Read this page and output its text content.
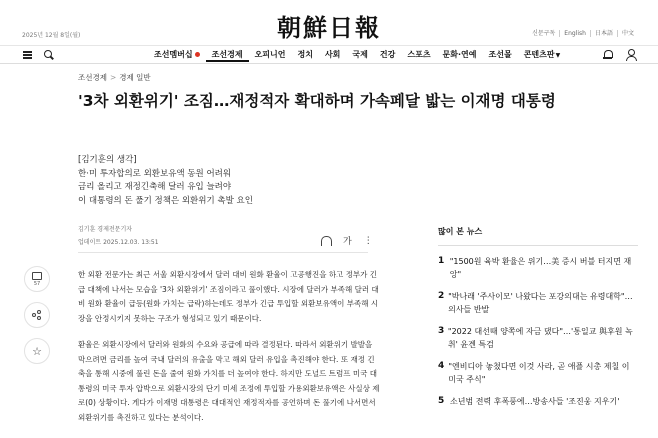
2025년 12월 8일(월)	朝鮮日報	신문구독	English	日本語	中文
조선멤버십	조선경제	오피니언	정치	사회	국제	건강	스포츠	문화·연예	조선몰	콘텐츠판▼
조선경제 > 경제 일반
'3차 외환위기' 조짐…재정적자 확대하며 가속페달 밟는 이재명 대통령
[김기훈의 생각]
한·미 투자합의로 외환보유액 동원 어려워
금리 올리고 재정긴축해 달러 유입 늘려야
이 대통령의 돈 풀기 정책은 외환위기 촉발 요인
김기훈 경제전문기자
업데이트 2025.12.03. 13:51	가 ⋮
57
☆

한 외환 전문가는 최근 서울 외환시장에서 달러 대비 원화 환율이 고공행진을 하고 정부가 긴급 대책에 나서는 모습을 '3차 외환위기' 조짐이라고 풀이했다. 시장에 달러가 부족해 달러 대비 원화 환율이 급등(원화 가치는 급락)하는데도 정부가 긴급 투입할 외환보유액이 부족해 시장을 안정시키지 못하는 구조가 형성되고 있기 때문이다.

환율은 외환시장에서 달러와 원화의 수요와 공급에 따라 결정된다. 따라서 외환위기 발발을 막으려면 금리를 높여 국내 달러의 유출을 막고 해외 달러 유입을 촉진해야 한다. 또 재정 긴축을 통해 시중에 풀린 돈을 줄여 원화 가치를 더 높여야 한다. 하지만 도널드 트럼프 미국 대통령의 미국 투자 압박으로 외환시장의 단기 미세 조정에 투입할 가용외환보유액은 사실상 제로(0) 상황이다. 게다가 이재명 대통령은 대대적인 재정적자를 공언하며 돈 풀기에 나서면서 외환위기를 촉진하고 있다는 분석이다.

많이 본 뉴스
1 "1500원 육박 환율은 위기…美 증시 버블 터지면 재앙"
2 "박나래 '주사이모' 나왔다는 포강의대는 유령대학"…의사들 반발
3 "2022 대선때 양쪽에 자금 댔다"…'통일교 與후원 녹취' 윤곈 특검
4 "엔비디아 놓쳤다면 이것 사라, 곧 애플 시총 제칠 이 미국 주식"
5 소년범 전력 후폭풍에…방송사들 '조진웅 지우기'
